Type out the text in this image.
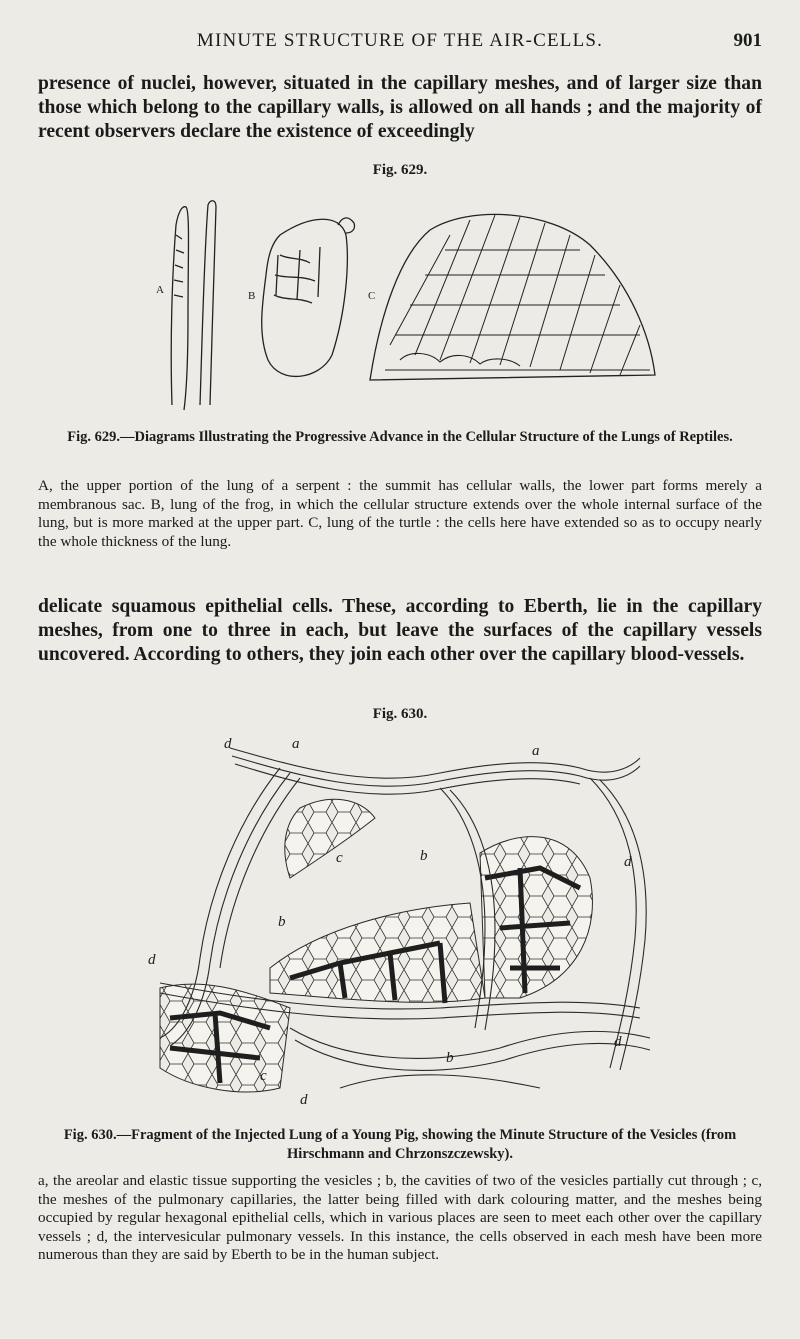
MINUTE STRUCTURE OF THE AIR-CELLS.	901
presence of nuclei, however, situated in the capillary meshes, and of larger size than those which belong to the capillary walls, is allowed on all hands ; and the majority of recent observers declare the existence of exceedingly
Fig. 629.
A	B	C
Fig. 629.—Diagrams Illustrating the Progressive Advance in the Cellular Structure of the Lungs of Reptiles.
A, the upper portion of the lung of a serpent : the summit has cellular walls, the lower part forms merely a membranous sac. B, lung of the frog, in which the cellular structure extends over the whole internal surface of the lung, but is more marked at the upper part. C, lung of the turtle : the cells here have extended so as to occupy nearly the whole thickness of the lung.
delicate squamous epithelial cells. These, according to Eberth, lie in the capillary meshes, from one to three in each, but leave the surfaces of the capillary vessels uncovered. According to others, they join each other over the capillary blood-vessels.
Fig. 630.
d	a	a
b
b
b
c
c
c
d
d
d
d
Fig. 630.—Fragment of the Injected Lung of a Young Pig, showing the Minute Structure of the Vesicles (from Hirschmann and Chrzonszczewsky).
a, the areolar and elastic tissue supporting the vesicles ; b, the cavities of two of the vesicles partially cut through ; c, the meshes of the pulmonary capillaries, the latter being filled with dark colouring matter, and the meshes being occupied by regular hexagonal epithelial cells, which in various places are seen to meet each other over the capillary vessels ; d, the intervesicular pulmonary vessels. In this instance, the cells observed in each mesh have been more numerous than they are said by Eberth to be in the human subject.
